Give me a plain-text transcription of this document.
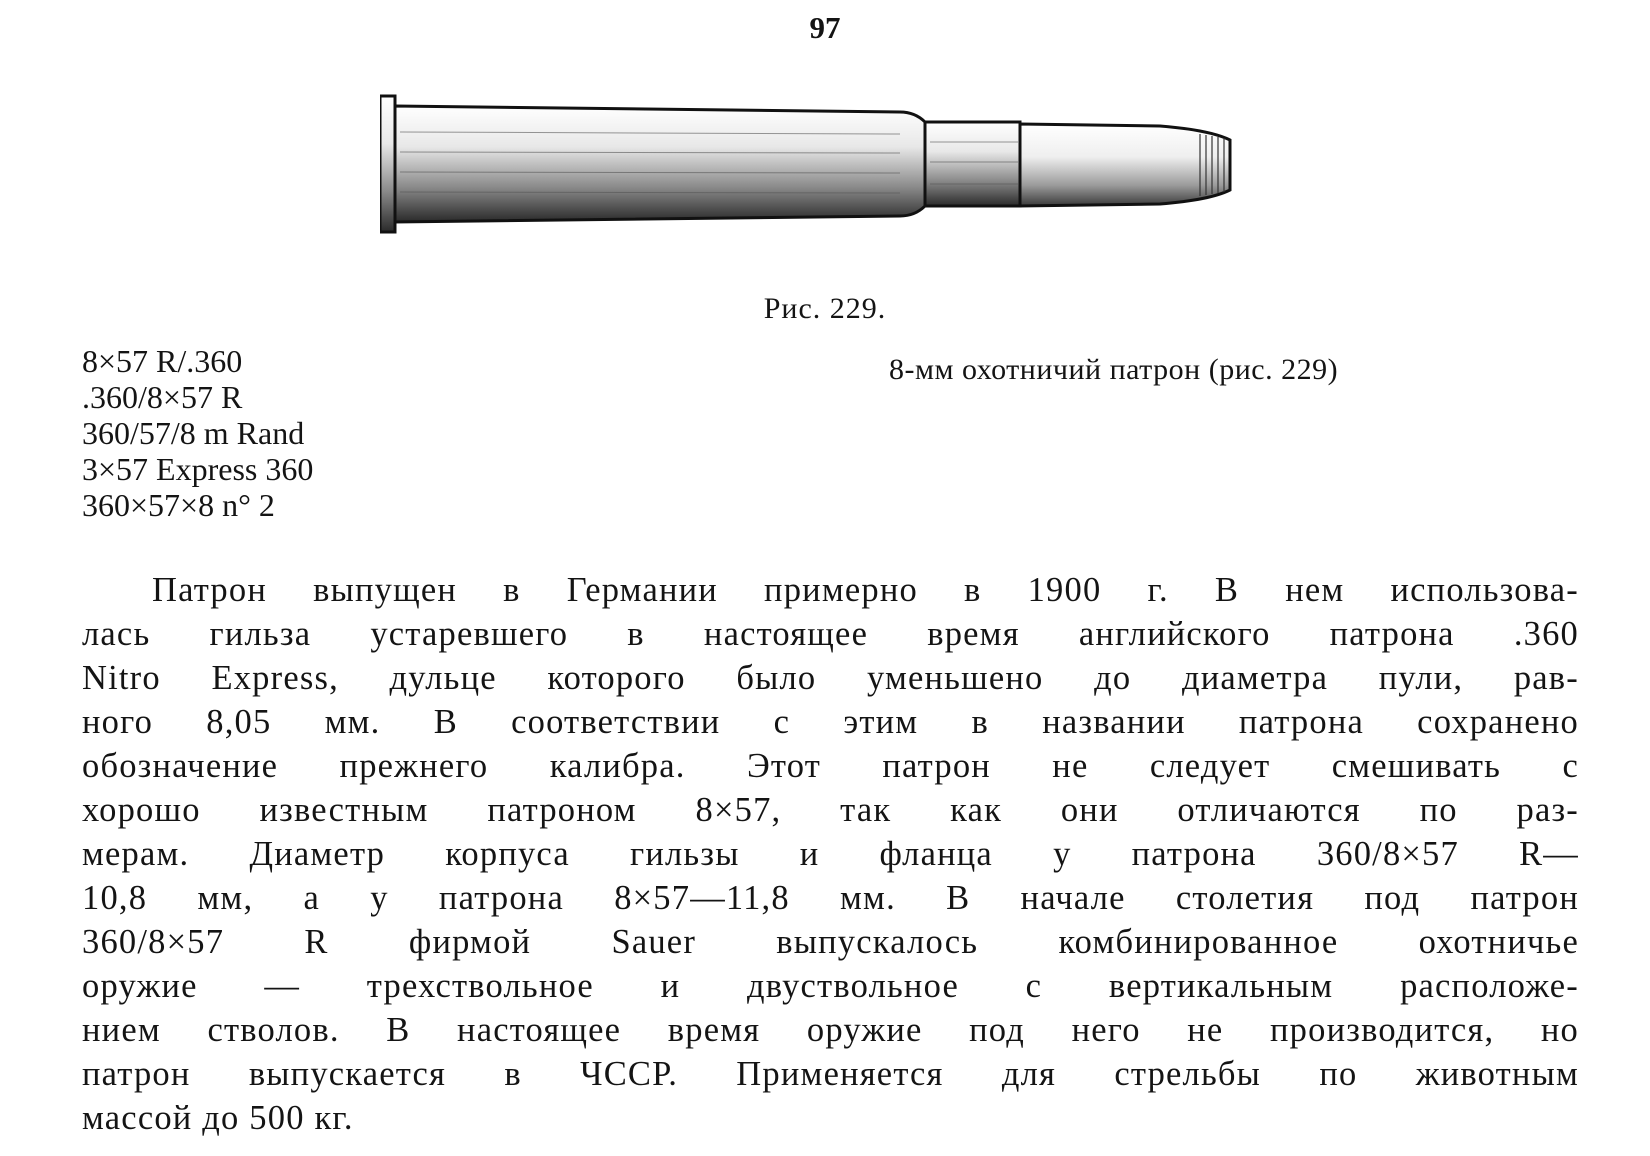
97
Рис. 229.
8×57 R/.360
.360/8×57 R
360/57/8 m Rand
3×57 Express 360
360×57×8 n° 2
8-мм охотничий патрон (рис. 229)
Патрон выпущен в Германии примерно в 1900 г. В нем использова-
лась гильза устаревшего в настоящее время английского патрона .360
Nitro Express, дульце которого было уменьшено до диаметра пули, рав-
ного 8,05 мм. В соответствии с этим в названии патрона сохранено
обозначение прежнего калибра. Этот патрон не следует смешивать с
хорошо известным патроном 8×57, так как они отличаются по раз-
мерам. Диаметр корпуса гильзы и фланца у патрона 360/8×57 R—
10,8 мм, а у патрона 8×57—11,8 мм. В начале столетия под патрон
360/8×57 R фирмой Sauer выпускалось комбинированное охотничье
оружие — трехствольное и двуствольное с вертикальным расположе-
нием стволов. В настоящее время оружие под него не производится, но
патрон выпускается в ЧССР. Применяется для стрельбы по животным
массой до 500 кг.
